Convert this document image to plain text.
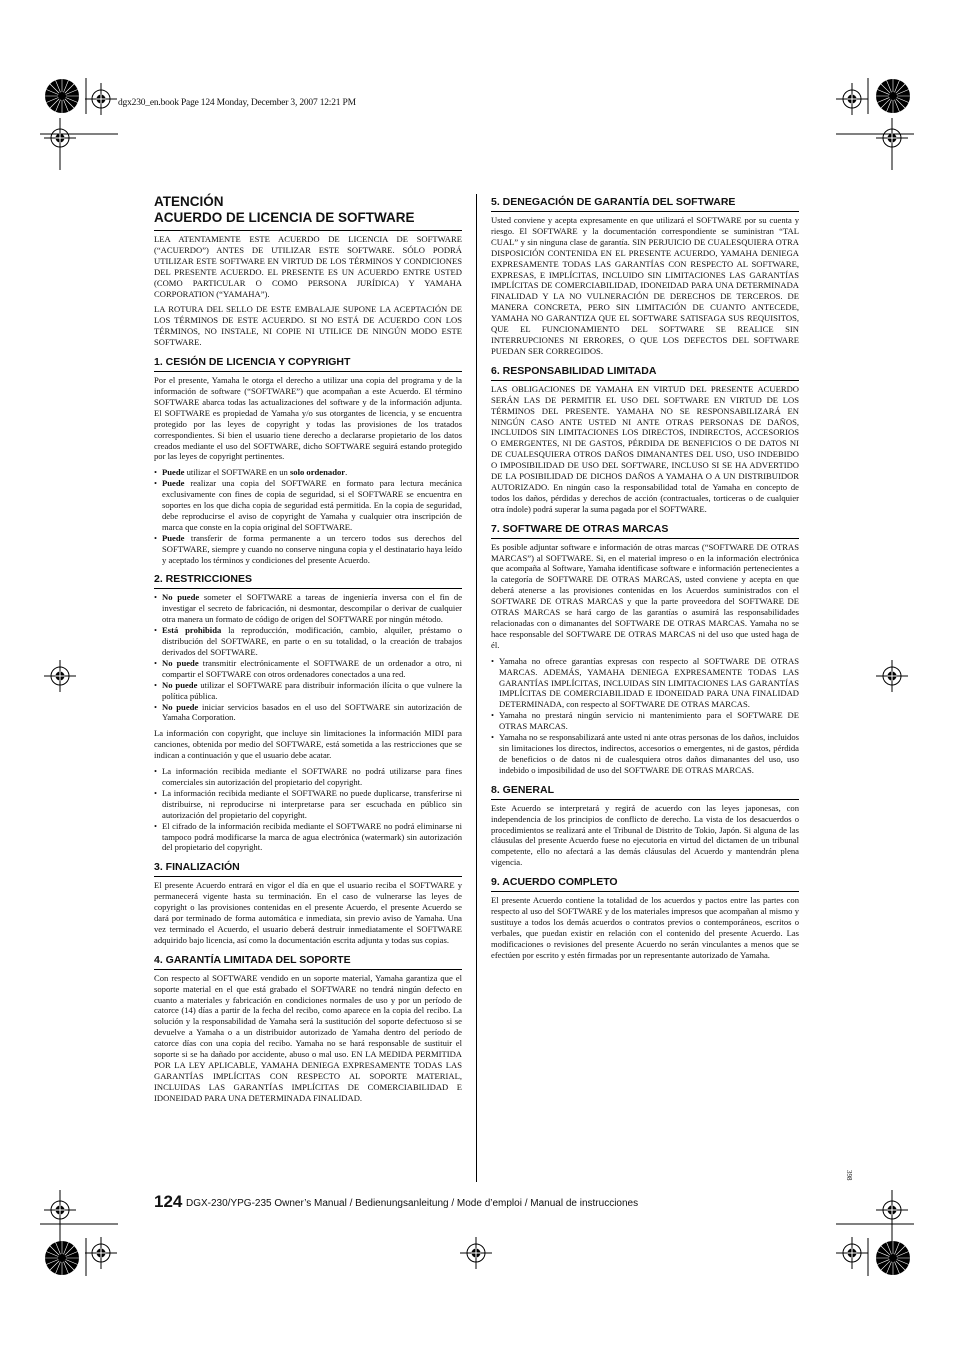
dgx230_en.book Page 124 Monday, December 3, 2007 12:21 PM
ATENCIÓN
ACUERDO DE LICENCIA DE SOFTWARE

LEA ATENTAMENTE ESTE ACUERDO DE LICENCIA DE SOFTWARE (“ACUERDO”) ANTES DE UTILIZAR ESTE SOFTWARE. SÓLO PODRÁ UTILIZAR ESTE SOFTWARE EN VIRTUD DE LOS TÉRMINOS Y CONDICIONES DEL PRESENTE ACUERDO. EL PRESENTE ES UN ACUERDO ENTRE USTED (COMO PARTICULAR O COMO PERSONA JURÍDICA) Y YAMAHA CORPORATION (“YAMAHA”).

LA ROTURA DEL SELLO DE ESTE EMBALAJE SUPONE LA ACEPTACIÓN DE LOS TÉRMINOS DE ESTE ACUERDO. SI NO ESTÁ DE ACUERDO CON LOS TÉRMINOS, NO INSTALE, NI COPIE NI UTILICE DE NINGÚN MODO ESTE SOFTWARE.

1. CESIÓN DE LICENCIA Y COPYRIGHT

Por el presente, Yamaha le otorga el derecho a utilizar una copia del programa y de la información de software (“SOFTWARE”) que acompañan a este Acuerdo. El término SOFTWARE abarca todas las actualizaciones del software y de la información adjunta. El SOFTWARE es propiedad de Yamaha y/o sus otorgantes de licencia, y se encuentra protegido por las leyes de copyright y todas las provisiones de los tratados correspondientes. Si bien el usuario tiene derecho a declararse propietario de los datos creados mediante el uso del SOFTWARE, dicho SOFTWARE seguirá estando protegido por las leyes de copyright pertinentes.

• Puede utilizar el SOFTWARE en un solo ordenador.
• Puede realizar una copia del SOFTWARE en formato para lectura mecánica exclusivamente con fines de copia de seguridad, si el SOFTWARE se encuentra en soportes en los que dicha copia de seguridad está permitida. En la copia de seguridad, debe reproducirse el aviso de copyright de Yamaha y cualquier otra inscripción de marca que conste en la copia original del SOFTWARE.
• Puede transferir de forma permanente a un tercero todos sus derechos del SOFTWARE, siempre y cuando no conserve ninguna copia y el destinatario haya leído y aceptado los términos y condiciones del presente Acuerdo.
2. RESTRICCIONES
• No puede someter el SOFTWARE a tareas de ingeniería inversa con el fin de investigar el secreto de fabricación, ni desmontar, descompilar o derivar de cualquier otra manera un formato de código de origen del SOFTWARE por ningún método.
• Está prohibida la reproducción, modificación, cambio, alquiler, préstamo o distribución del SOFTWARE, en parte o en su totalidad, o la creación de trabajos derivados del SOFTWARE.
• No puede transmitir electrónicamente el SOFTWARE de un ordenador a otro, ni compartir el SOFTWARE con otros ordenadores conectados a una red.
• No puede utilizar el SOFTWARE para distribuir información ilícita o que vulnere la política pública.
• No puede iniciar servicios basados en el uso del SOFTWARE sin autorización de Yamaha Corporation.

La información con copyright, que incluye sin limitaciones la información MIDI para canciones, obtenida por medio del SOFTWARE, está sometida a las restricciones que se indican a continuación y que el usuario debe acatar.

• La información recibida mediante el SOFTWARE no podrá utilizarse para fines comerciales sin autorización del propietario del copyright.
• La información recibida mediante el SOFTWARE no puede duplicarse, transferirse ni distribuirse, ni reproducirse ni interpretarse para ser escuchada en público sin autorización del propietario del copyright.
• El cifrado de la información recibida mediante el SOFTWARE no podrá eliminarse ni tampoco podrá modificarse la marca de agua electrónica (watermark) sin autorización del propietario del copyright.
3. FINALIZACIÓN

El presente Acuerdo entrará en vigor el día en que el usuario reciba el SOFTWARE y permanecerá vigente hasta su terminación. En el caso de vulnerarse las leyes de copyright o las provisiones contenidas en el presente Acuerdo, el presente Acuerdo se dará por terminado de forma automática e inmediata, sin previo aviso de Yamaha. Una vez terminado el Acuerdo, el usuario deberá destruir inmediatamente el SOFTWARE adquirido bajo licencia, así como la documentación escrita adjunta y todas sus copias.

4. GARANTÍA LIMITADA DEL SOPORTE

Con respecto al SOFTWARE vendido en un soporte material, Yamaha garantiza que el soporte material en el que está grabado el SOFTWARE no tendrá ningún defecto en cuanto a materiales y fabricación en condiciones normales de uso y por un período de catorce (14) días a partir de la fecha del recibo, como aparece en la copia del recibo. La solución y la responsabilidad de Yamaha será la sustitución del soporte defectuoso si se devuelve a Yamaha o a un distribuidor autorizado de Yamaha dentro del período de catorce días con una copia del recibo. Yamaha no se hará responsable de sustituir el soporte si se ha dañado por accidente, abuso o mal uso. EN LA MEDIDA PERMITIDA POR LA LEY APLICABLE, YAMAHA DENIEGA EXPRESAMENTE TODAS LAS GARANTÍAS IMPLÍCITAS CON RESPECTO AL SOPORTE MATERIAL, INCLUIDAS LAS GARANTÍAS IMPLÍCITAS DE COMERCIABILIDAD E IDONEIDAD PARA UNA DETERMINADA FINALIDAD.

5. DENEGACIÓN DE GARANTÍA DEL SOFTWARE

Usted conviene y acepta expresamente en que utilizará el SOFTWARE por su cuenta y riesgo. El SOFTWARE y la documentación correspondiente se suministran “TAL CUAL” y sin ninguna clase de garantía. SIN PERJUICIO DE CUALESQUIERA OTRA DISPOSICIÓN CONTENIDA EN EL PRESENTE ACUERDO, YAMAHA DENIEGA EXPRESAMENTE TODAS LAS GARANTÍAS CON RESPECTO AL SOFTWARE, EXPRESAS, E IMPLÍCITAS, INCLUIDO SIN LIMITACIONES LAS GARANTÍAS IMPLÍCITAS DE COMERCIABILIDAD, IDONEIDAD PARA UNA DETERMINADA FINALIDAD Y LA NO VULNERACIÓN DE DERECHOS DE TERCEROS. DE MANERA CONCRETA, PERO SIN LIMITACIÓN DE CUANTO ANTECEDE, YAMAHA NO GARANTIZA QUE EL SOFTWARE SATISFAGA SUS REQUISITOS, QUE EL FUNCIONAMIENTO DEL SOFTWARE SE REALICE SIN INTERRUPCIONES NI ERRORES, O QUE LOS DEFECTOS DEL SOFTWARE PUEDAN SER CORREGIDOS.

6. RESPONSABILIDAD LIMITADA

LAS OBLIGACIONES DE YAMAHA EN VIRTUD DEL PRESENTE ACUERDO SERÁN LAS DE PERMITIR EL USO DEL SOFTWARE EN VIRTUD DE LOS TÉRMINOS DEL PRESENTE. YAMAHA NO SE RESPONSABILIZARÁ EN NINGÚN CASO ANTE USTED NI ANTE OTRAS PERSONAS DE DAÑOS, INCLUIDOS SIN LIMITACIONES LOS DIRECTOS, INDIRECTOS, ACCESORIOS O EMERGENTES, NI DE GASTOS, PÉRDIDA DE BENEFICIOS O DE DATOS NI DE CUALESQUIERA OTROS DAÑOS DIMANANTES DEL USO, USO INDEBIDO O IMPOSIBILIDAD DE USO DEL SOFTWARE, INCLUSO SI SE HA ADVERTIDO DE LA POSIBILIDAD DE DICHOS DAÑOS A YAMAHA O A UN DISTRIBUIDOR AUTORIZADO. En ningún caso la responsabilidad total de Yamaha en concepto de todos los daños, pérdidas y derechos de acción (contractuales, torticeras o de cualquier otra índole) podrá superar la suma pagada por el SOFTWARE.

7. SOFTWARE DE OTRAS MARCAS

Es posible adjuntar software e información de otras marcas (“SOFTWARE DE OTRAS MARCAS”) al SOFTWARE. Si, en el material impreso o en la información electrónica que acompaña al Software, Yamaha identificase software e información pertenecientes a la categoría de SOFTWARE DE OTRAS MARCAS, usted conviene y acepta en que deberá atenerse a las provisiones contenidas en los Acuerdos suministrados con el SOFTWARE DE OTRAS MARCAS y que la parte proveedora del SOFTWARE DE OTRAS MARCAS se hará cargo de las garantías o asumirá las responsabilidades relacionadas con o dimanantes del SOFTWARE DE OTRAS MARCAS. Yamaha no se hace responsable del SOFTWARE DE OTRAS MARCAS ni del uso que usted haga de él.

• Yamaha no ofrece garantías expresas con respecto al SOFTWARE DE OTRAS MARCAS. ADEMÁS, YAMAHA DENIEGA EXPRESAMENTE TODAS LAS GARANTÍAS IMPLÍCITAS, INCLUIDAS SIN LIMITACIONES LAS GARANTÍAS IMPLÍCITAS DE COMERCIABILIDAD E IDONEIDAD PARA UNA FINALIDAD DETERMINADA, con respecto al SOFTWARE DE OTRAS MARCAS.
• Yamaha no prestará ningún servicio ni mantenimiento para el SOFTWARE DE OTRAS MARCAS.
• Yamaha no se responsabilizará ante usted ni ante otras personas de los daños, incluidos sin limitaciones los directos, indirectos, accesorios o emergentes, ni de gastos, pérdida de beneficios o de datos ni de cualesquiera otros daños dimanantes del uso, uso indebido o imposibilidad de uso del SOFTWARE DE OTRAS MARCAS.
8. GENERAL

Este Acuerdo se interpretará y regirá de acuerdo con las leyes japonesas, con independencia de los principios de conflicto de derecho. La vista de los desacuerdos o procedimientos se realizará ante el Tribunal de Distrito de Tokio, Japón. Si alguna de las cláusulas del presente Acuerdo fuese no ejecutoria en virtud del dictamen de un tribunal competente, ello no afectará a las demás cláusulas del Acuerdo y mantendrán plena vigencia.

9. ACUERDO COMPLETO

El presente Acuerdo contiene la totalidad de los acuerdos y pactos entre las partes con respecto al uso del SOFTWARE y de los materiales impresos que acompañan al mismo y sustituye a todos los demás acuerdos o contratos previos o contemporáneos, escritos o verbales, que puedan existir en relación con el contenido del presente Acuerdo. Las modificaciones o revisiones del presente Acuerdo no serán vinculantes a menos que se efectúen por escrito y estén firmadas por un representante autorizado de Yamaha.

124 DGX-230/YPG-235 Owner’s Manual / Bedienungsanleitung / Mode d’emploi / Manual de instrucciones
398
